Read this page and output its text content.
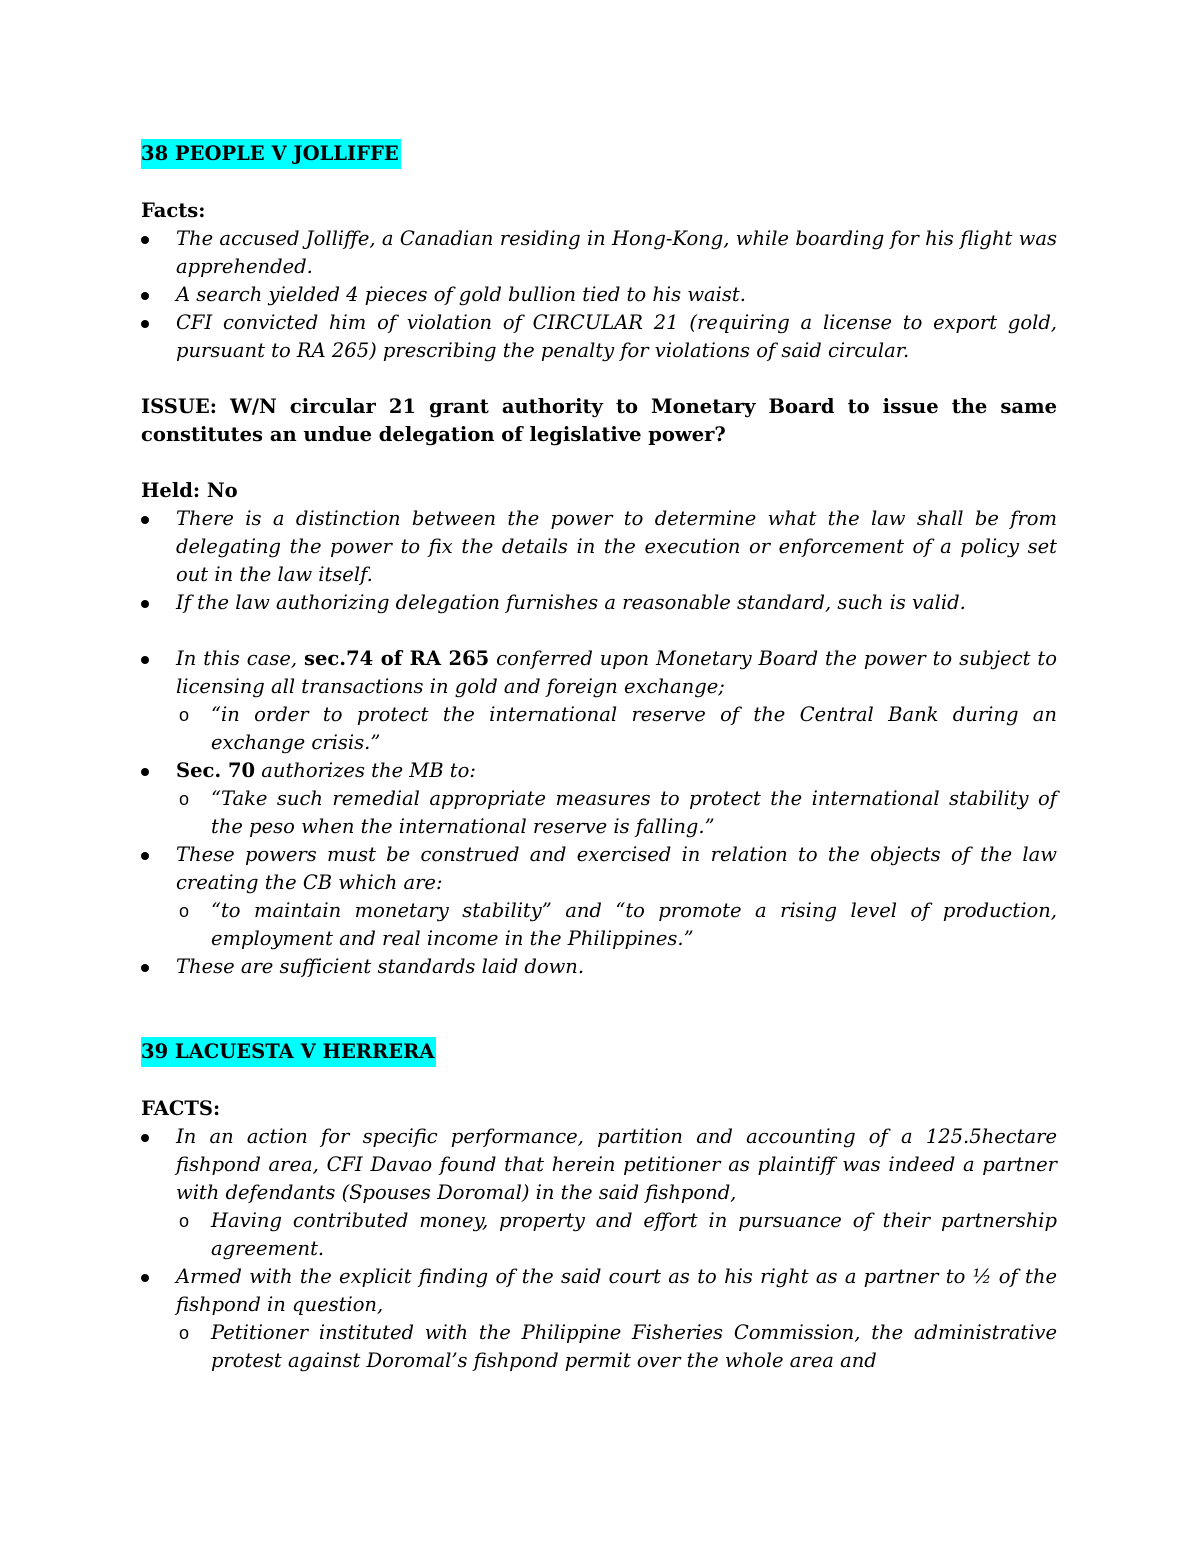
38 PEOPLE V JOLLIFFE

Facts:

The accused Jolliffe, a Canadian residing in Hong-Kong, while boarding for his flight was apprehended.
A search yielded 4 pieces of gold bullion tied to his waist.
CFI convicted him of violation of CIRCULAR 21 (requiring a license to export gold, pursuant to RA 265) prescribing the penalty for violations of said circular.

ISSUE: W/N circular 21 grant authority to Monetary Board to issue the same constitutes an undue delegation of legislative power?

Held: No

There is a distinction between the power to determine what the law shall be from delegating the power to fix the details in the execution or enforcement of a policy set out in the law itself.
If the law authorizing delegation furnishes a reasonable standard, such is valid.
In this case, sec.74 of RA 265 conferred upon Monetary Board the power to subject to licensing all transactions in gold and foreign exchange;
o “in order to protect the international reserve of the Central Bank during an exchange crisis.”
Sec. 70 authorizes the MB to:
o “Take such remedial appropriate measures to protect the international stability of the peso when the international reserve is falling.”
These powers must be construed and exercised in relation to the objects of the law creating the CB which are:
o “to maintain monetary stability” and “to promote a rising level of production, employment and real income in the Philippines.”
These are sufficient standards laid down.
39 LACUESTA V HERRERA

FACTS:

In an action for specific performance, partition and accounting of a 125.5hectare fishpond area, CFI Davao found that herein petitioner as plaintiff was indeed a partner with defendants (Spouses Doromal) in the said fishpond,
o Having contributed money, property and effort in pursuance of their partnership agreement.
Armed with the explicit finding of the said court as to his right as a partner to ½ of the fishpond in question,
o Petitioner instituted with the Philippine Fisheries Commission, the administrative protest against Doromal’s fishpond permit over the whole area and
